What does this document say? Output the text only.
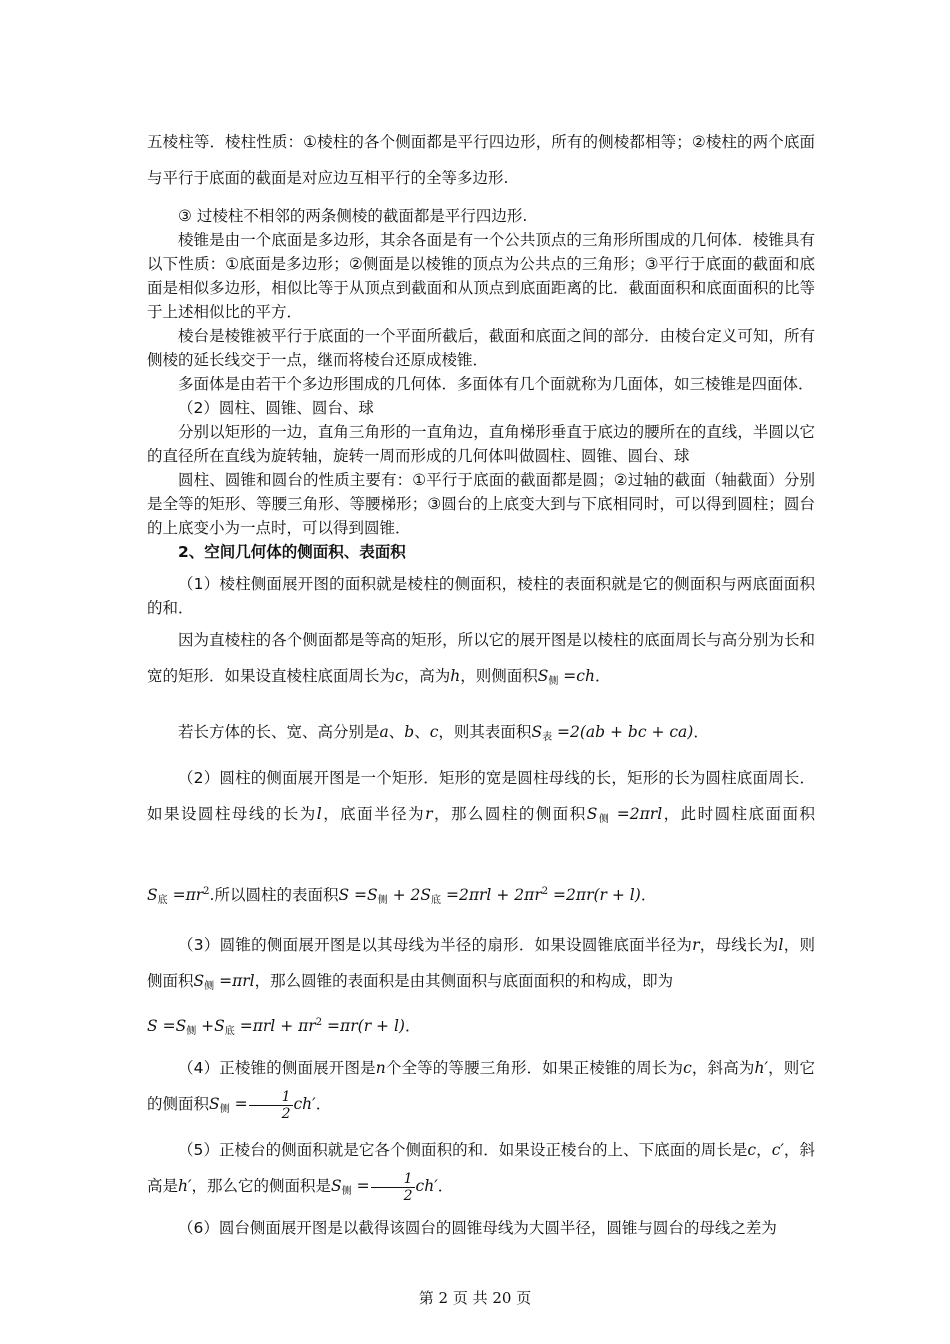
五棱柱等．棱柱性质：①棱柱的各个侧面都是平行四边形，所有的侧棱都相等；②棱柱的两个底面与平行于底面的截面是对应边互相平行的全 ·等 ·多边形.

③ 过棱柱不相邻的两条侧棱的截面都是平行四边形.

棱锥是由一个底面是多边形，其余各面是有一个公共顶点的三角形所围成的几何体．棱锥具有以下性质：①底面是多边形；②侧面是以棱锥的顶点为公共点的三角形；③平行于底面的截面和底面是相似多边形，相似比等于从顶点到截面和从顶点到底面距离的比．截面面积和底面面积的比等于上述相似比的平方．

棱台是棱锥被平行于底面的一个平面所截后，截面和底面之间的部分．由棱台定义可知，所有侧棱的延长线交于一点，继而将棱台还原成棱锥．

多面体是由若干个多边形围成的几何体．多面体有几个面就称为几面体，如三棱锥是四面体．

（2）圆柱、圆锥、圆台、球

分别以矩形的一边，直角三角形的一直角边，直角梯形垂直于底边的腰所在的直线，半圆以它的直径所在直线为旋转轴，旋转一周而形成的几何体叫做圆柱、圆锥、圆台、球

圆柱、圆锥和圆台的性质主要有：①平行于底面的截面都是圆；②过轴的截面（轴截面）分别是全等的矩形、等腰三角形、等腰梯形；③圆台的上底变大到与下底相同时，可以得到圆柱；圆台的上底变小为一点时，可以得到圆锥．

2、空间几何体的侧面积、表面积

（1）棱柱侧面展开图的面积就是棱柱的侧面积，棱柱的表面积就是它的侧面积与两底面面积的和．

因为直棱柱的各个侧面都是等高的矩形，所以它的展开图是以棱柱的底面周长与高分别为长和宽的矩形．如果设直棱柱底面周长为c，高为h，则侧面积$S_侧 =ch$．

若长方体的长、宽、高分别是a、b、c，则其表面积$S_表 =2(ab$ + bc + ca)．

（2）圆柱的侧面展开图是一个矩形．矩形的宽是圆柱母线的长，矩形的长为圆柱底面周长．如果设圆柱母线的长为l，底面半径为r，那么圆柱的侧面积$S_侧 =2\pi rl$，此时圆柱底面面积$S_底 =\pi r^2$.所以圆柱的表面积$S =S_侧 + 2S_底 =2\pi rl + 2\pi r^2 =2\pi r(r + l)$．

（3）圆锥的侧面展开图是以其母线为半径的扇形．如果设圆锥底面半径为r，母线长为l，则侧面积$S_侧 =\pi rl$，那么圆锥的表面积是由其侧面积与底面面积的和构成，即为
$S =S_侧 +S_底 =\pi rl + \pi r^2 =\pi r(r + l)$．

（4）正棱锥的侧面展开图是n个全等的等腰三角形．如果正棱锥的周长为c，斜高为h′，则它的侧面积$S_侧 = \frac{1}{2} ch'$．

（5）正棱台的侧面积就是它各个侧面积的和．如果设正棱台的上、下底面的周长是c，c′，斜高是h′，那么它的侧面积是$S_侧 = \frac{1}{2} ch'$．

（6）圆台侧面展开图是以截得该圆台的圆锥母线为大圆半径，圆锥与圆台的母线之差为

第 2 页 共 20 页
